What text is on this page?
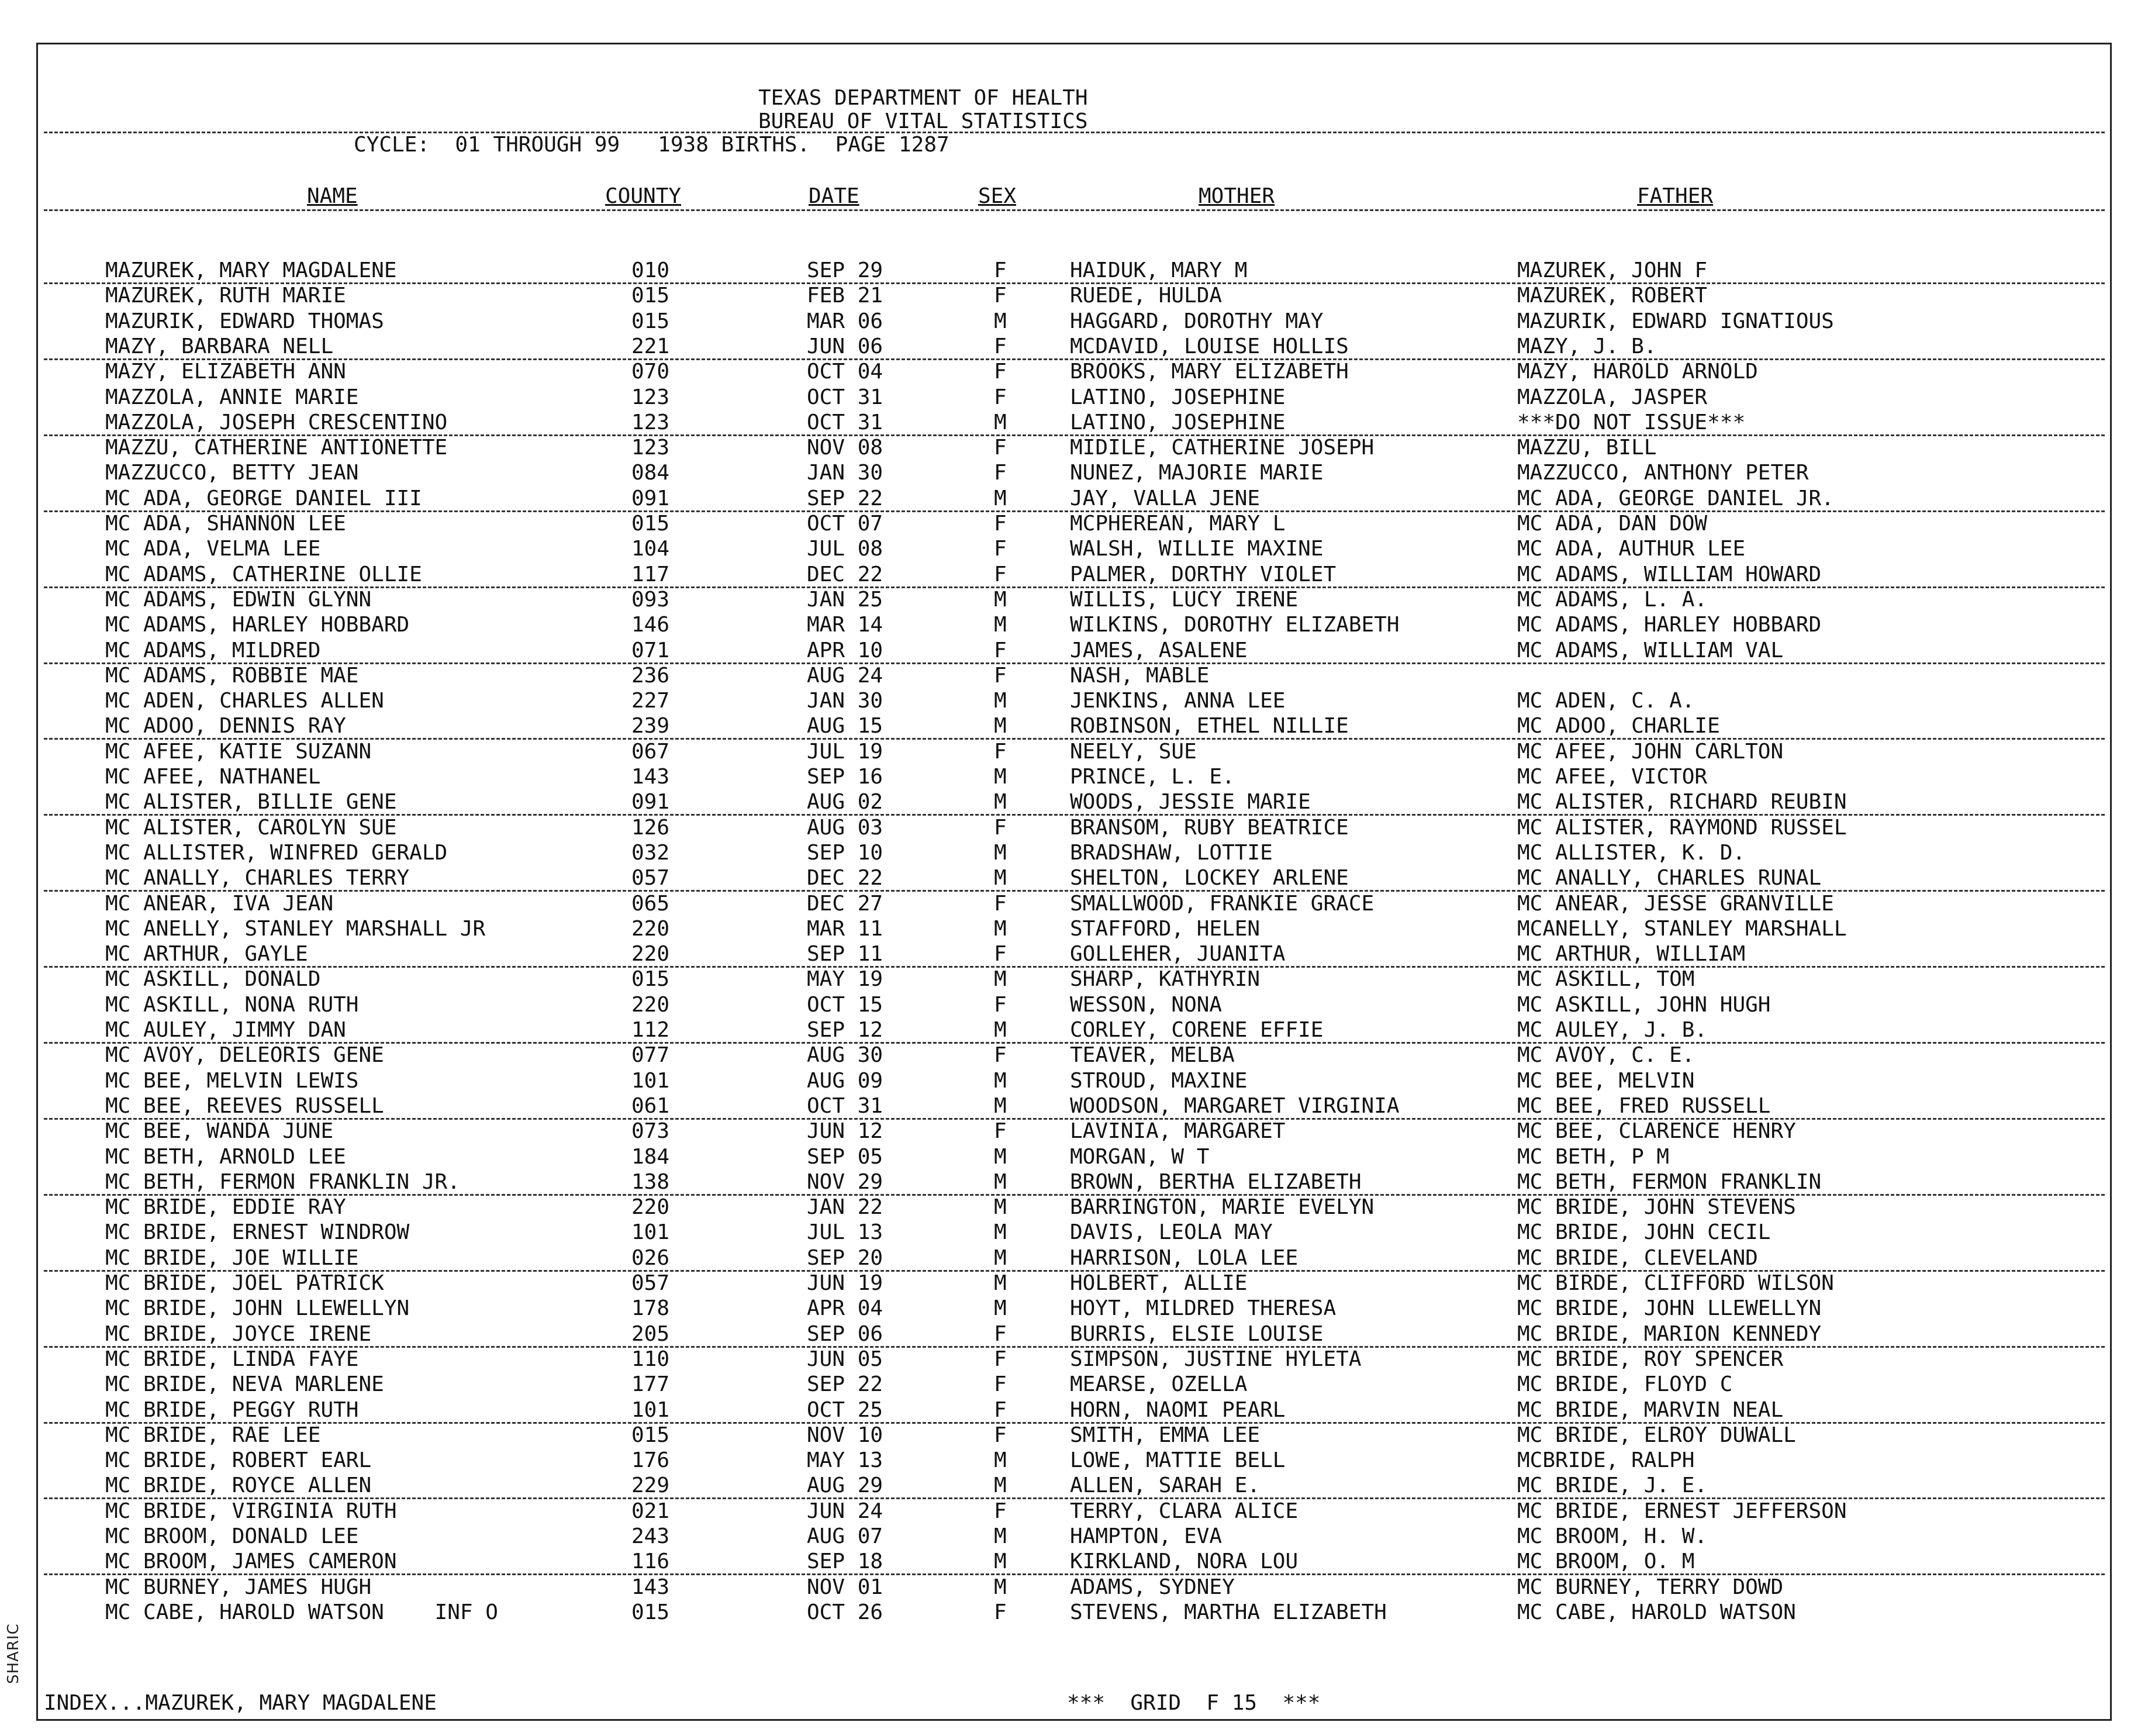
SHARIC
TEXAS DEPARTMENT OF HEALTH
BUREAU OF VITAL STATISTICS
CYCLE:  01 THROUGH 99   1938 BIRTHS.  PAGE 1287
NAME	COUNTY	DATE	SEX	MOTHER	FATHER
MAZUREK, MARY MAGDALENE	010	SEP 29	F	HAIDUK, MARY M	MAZUREK, JOHN F
MAZUREK, RUTH MARIE	015	FEB 21	F	RUEDE, HULDA	MAZUREK, ROBERT
MAZURIK, EDWARD THOMAS	015	MAR 06	M	HAGGARD, DOROTHY MAY	MAZURIK, EDWARD IGNATIOUS
MAZY, BARBARA NELL	221	JUN 06	F	MCDAVID, LOUISE HOLLIS	MAZY, J. B.
MAZY, ELIZABETH ANN	070	OCT 04	F	BROOKS, MARY ELIZABETH	MAZY, HAROLD ARNOLD
MAZZOLA, ANNIE MARIE	123	OCT 31	F	LATINO, JOSEPHINE	MAZZOLA, JASPER
MAZZOLA, JOSEPH CRESCENTINO	123	OCT 31	M	LATINO, JOSEPHINE	***DO NOT ISSUE***
MAZZU, CATHERINE ANTIONETTE	123	NOV 08	F	MIDILE, CATHERINE JOSEPH	MAZZU, BILL
MAZZUCCO, BETTY JEAN	084	JAN 30	F	NUNEZ, MAJORIE MARIE	MAZZUCCO, ANTHONY PETER
MC ADA, GEORGE DANIEL III	091	SEP 22	M	JAY, VALLA JENE	MC ADA, GEORGE DANIEL JR.
MC ADA, SHANNON LEE	015	OCT 07	F	MCPHEREAN, MARY L	MC ADA, DAN DOW
MC ADA, VELMA LEE	104	JUL 08	F	WALSH, WILLIE MAXINE	MC ADA, AUTHUR LEE
MC ADAMS, CATHERINE OLLIE	117	DEC 22	F	PALMER, DORTHY VIOLET	MC ADAMS, WILLIAM HOWARD
MC ADAMS, EDWIN GLYNN	093	JAN 25	M	WILLIS, LUCY IRENE	MC ADAMS, L. A.
MC ADAMS, HARLEY HOBBARD	146	MAR 14	M	WILKINS, DOROTHY ELIZABETH	MC ADAMS, HARLEY HOBBARD
MC ADAMS, MILDRED	071	APR 10	F	JAMES, ASALENE	MC ADAMS, WILLIAM VAL
MC ADAMS, ROBBIE MAE	236	AUG 24	F	NASH, MABLE
MC ADEN, CHARLES ALLEN	227	JAN 30	M	JENKINS, ANNA LEE	MC ADEN, C. A.
MC ADOO, DENNIS RAY	239	AUG 15	M	ROBINSON, ETHEL NILLIE	MC ADOO, CHARLIE
MC AFEE, KATIE SUZANN	067	JUL 19	F	NEELY, SUE	MC AFEE, JOHN CARLTON
MC AFEE, NATHANEL	143	SEP 16	M	PRINCE, L. E.	MC AFEE, VICTOR
MC ALISTER, BILLIE GENE	091	AUG 02	M	WOODS, JESSIE MARIE	MC ALISTER, RICHARD REUBIN
MC ALISTER, CAROLYN SUE	126	AUG 03	F	BRANSOM, RUBY BEATRICE	MC ALISTER, RAYMOND RUSSEL
MC ALLISTER, WINFRED GERALD	032	SEP 10	M	BRADSHAW, LOTTIE	MC ALLISTER, K. D.
MC ANALLY, CHARLES TERRY	057	DEC 22	M	SHELTON, LOCKEY ARLENE	MC ANALLY, CHARLES RUNAL
MC ANEAR, IVA JEAN	065	DEC 27	F	SMALLWOOD, FRANKIE GRACE	MC ANEAR, JESSE GRANVILLE
MC ANELLY, STANLEY MARSHALL JR	220	MAR 11	M	STAFFORD, HELEN	MCANELLY, STANLEY MARSHALL
MC ARTHUR, GAYLE	220	SEP 11	F	GOLLEHER, JUANITA	MC ARTHUR, WILLIAM
MC ASKILL, DONALD	015	MAY 19	M	SHARP, KATHYRIN	MC ASKILL, TOM
MC ASKILL, NONA RUTH	220	OCT 15	F	WESSON, NONA	MC ASKILL, JOHN HUGH
MC AULEY, JIMMY DAN	112	SEP 12	M	CORLEY, CORENE EFFIE	MC AULEY, J. B.
MC AVOY, DELEORIS GENE	077	AUG 30	F	TEAVER, MELBA	MC AVOY, C. E.
MC BEE, MELVIN LEWIS	101	AUG 09	M	STROUD, MAXINE	MC BEE, MELVIN
MC BEE, REEVES RUSSELL	061	OCT 31	M	WOODSON, MARGARET VIRGINIA	MC BEE, FRED RUSSELL
MC BEE, WANDA JUNE	073	JUN 12	F	LAVINIA, MARGARET	MC BEE, CLARENCE HENRY
MC BETH, ARNOLD LEE	184	SEP 05	M	MORGAN, W T	MC BETH, P M
MC BETH, FERMON FRANKLIN JR.	138	NOV 29	M	BROWN, BERTHA ELIZABETH	MC BETH, FERMON FRANKLIN
MC BRIDE, EDDIE RAY	220	JAN 22	M	BARRINGTON, MARIE EVELYN	MC BRIDE, JOHN STEVENS
MC BRIDE, ERNEST WINDROW	101	JUL 13	M	DAVIS, LEOLA MAY	MC BRIDE, JOHN CECIL
MC BRIDE, JOE WILLIE	026	SEP 20	M	HARRISON, LOLA LEE	MC BRIDE, CLEVELAND
MC BRIDE, JOEL PATRICK	057	JUN 19	M	HOLBERT, ALLIE	MC BIRDE, CLIFFORD WILSON
MC BRIDE, JOHN LLEWELLYN	178	APR 04	M	HOYT, MILDRED THERESA	MC BRIDE, JOHN LLEWELLYN
MC BRIDE, JOYCE IRENE	205	SEP 06	F	BURRIS, ELSIE LOUISE	MC BRIDE, MARION KENNEDY
MC BRIDE, LINDA FAYE	110	JUN 05	F	SIMPSON, JUSTINE HYLETA	MC BRIDE, ROY SPENCER
MC BRIDE, NEVA MARLENE	177	SEP 22	F	MEARSE, OZELLA	MC BRIDE, FLOYD C
MC BRIDE, PEGGY RUTH	101	OCT 25	F	HORN, NAOMI PEARL	MC BRIDE, MARVIN NEAL
MC BRIDE, RAE LEE	015	NOV 10	F	SMITH, EMMA LEE	MC BRIDE, ELROY DUWALL
MC BRIDE, ROBERT EARL	176	MAY 13	M	LOWE, MATTIE BELL	MCBRIDE, RALPH
MC BRIDE, ROYCE ALLEN	229	AUG 29	M	ALLEN, SARAH E.	MC BRIDE, J. E.
MC BRIDE, VIRGINIA RUTH	021	JUN 24	F	TERRY, CLARA ALICE	MC BRIDE, ERNEST JEFFERSON
MC BROOM, DONALD LEE	243	AUG 07	M	HAMPTON, EVA	MC BROOM, H. W.
MC BROOM, JAMES CAMERON	116	SEP 18	M	KIRKLAND, NORA LOU	MC BROOM, O. M
MC BURNEY, JAMES HUGH	143	NOV 01	M	ADAMS, SYDNEY	MC BURNEY, TERRY DOWD
MC CABE, HAROLD WATSON    INF O	015	OCT 26	F	STEVENS, MARTHA ELIZABETH	MC CABE, HAROLD WATSON
INDEX...MAZUREK, MARY MAGDALENE	***  GRID  F 15  ***
